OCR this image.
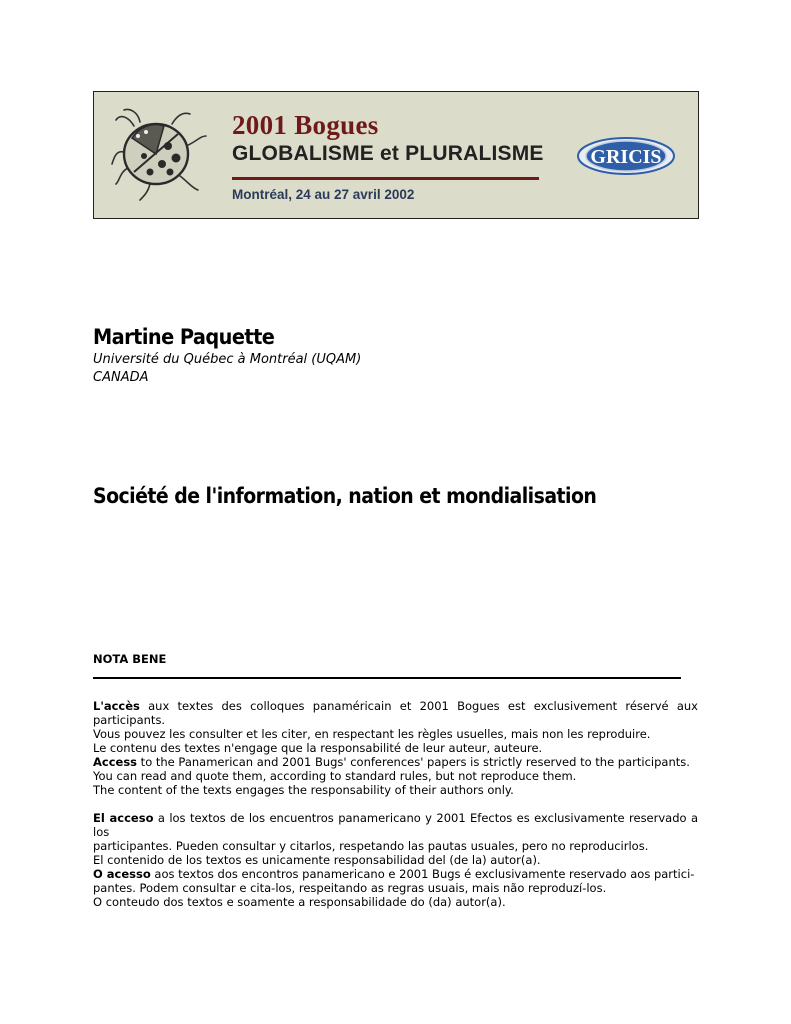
2001 Bogues
GLOBALISME et PLURALISME
Montréal, 24 au 27 avril 2002
GRICIS
Martine Paquette
Université du Québec à Montréal (UQAM)
CANADA
Société de l'information, nation et mondialisation
NOTA BENE
L'accès aux textes des colloques panaméricain et 2001 Bogues est exclusivement réservé aux participants.
Vous pouvez les consulter et les citer, en respectant les règles usuelles, mais non les reproduire.
Le contenu des textes n'engage que la responsabilité de leur auteur, auteure.
Access to the Panamerican and 2001 Bugs' conferences' papers is strictly reserved to the participants.
You can read and quote them, according to standard rules, but not reproduce them.
The content of the texts engages the responsability of their authors only.
El acceso a los textos de los encuentros panamericano y 2001 Efectos es exclusivamente reservado a los
participantes. Pueden consultar y citarlos, respetando las pautas usuales, pero no reproducirlos.
El contenido de los textos es unicamente responsabilidad del (de la) autor(a).
O acesso aos textos dos encontros panamericano e 2001 Bugs é exclusivamente reservado aos partici-
pantes. Podem consultar e cita-los, respeitando as regras usuais, mais não reproduzí-los.
O conteudo dos textos e soamente a responsabilidade do (da) autor(a).
